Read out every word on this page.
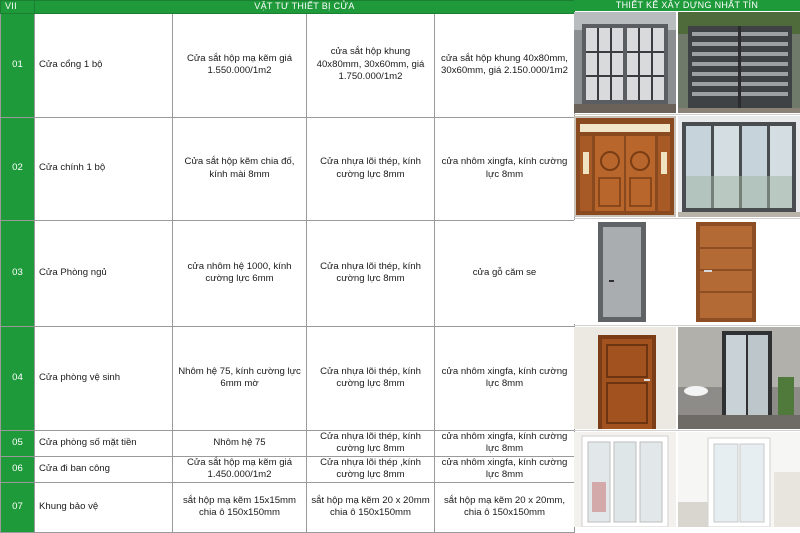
VII	VẬT TƯ THIẾT BỊ CỬA			
01	Cửa cổng 1 bộ	Cửa sắt hộp mạ kẽm giá 1.550.000/1m2	cửa sắt hộp khung 40x80mm, 30x60mm, giá 1.750.000/1m2	cửa sắt hộp khung 40x80mm, 30x60mm, giá 2.150.000/1m2
02	Cửa chính 1 bộ	Cửa sắt hộp kẽm chia đố, kính mài 8mm	Cửa nhựa lõi thép, kính cường lực 8mm	cửa nhôm xingfa, kính cường lực 8mm
03	Cửa Phòng ngủ	cửa nhôm hệ 1000, kính cường lực 6mm	Cửa nhựa lõi thép, kính cường lực 8mm	cửa gỗ căm se
04	Cửa phòng vệ sinh	Nhôm hệ 75, kính cường lực 6mm mờ	Cửa nhựa lõi thép, kính cường lực 8mm	cửa nhôm xingfa, kính cường lực 8mm
05	Cửa phòng số mặt tiền	Nhôm hệ 75	Cửa nhựa lõi thép, kính cường lực 8mm	cửa nhôm xingfa, kính cường lực 8mm
06	Cửa đi ban công	Cửa sắt hộp mạ kẽm giá 1.450.000/1m2	Cửa nhựa lõi thép ,kính cường lực 8mm	cửa nhôm xingfa, kính cường lực 8mm
07	Khung bảo vệ	sắt hộp mạ kẽm 15x15mm chia ô 150x150mm	sắt hộp mạ kẽm 20 x 20mm chia ô 150x150mm	sắt hộp mạ kẽm 20 x 20mm, chia ô 150x150mm
THIẾT KẾ XÂY DỰNG NHẤT TÍN
